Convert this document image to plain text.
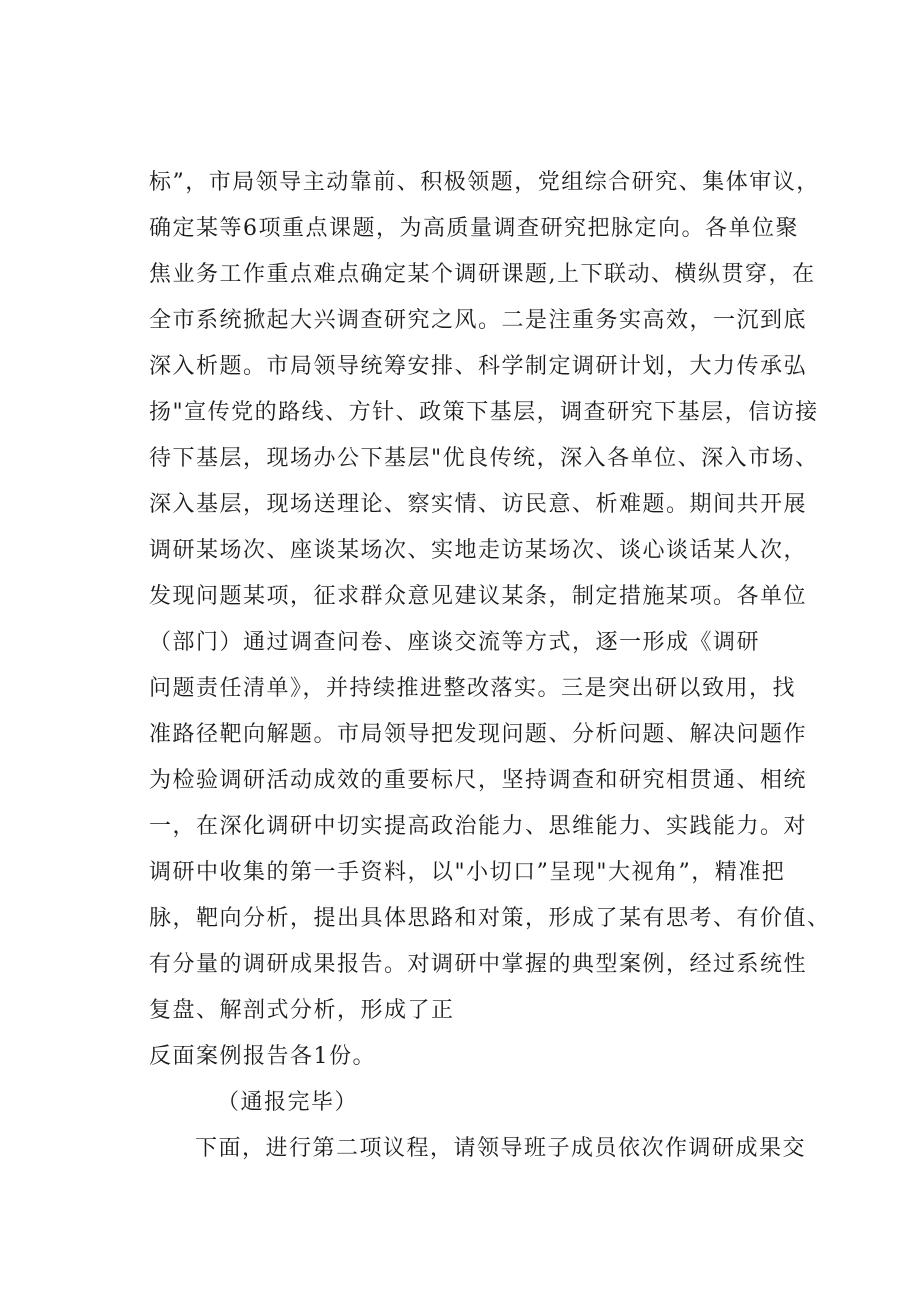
标”，市局领导主动靠前、积极领题，党组综合研究、集体审议，
确定某等6项重点课题，为高质量调查研究把脉定向。各单位聚
焦业务工作重点难点确定某个调研课题,上下联动、横纵贯穿，在
全市系统掀起大兴调查研究之风。二是注重务实高效，一沉到底
深入析题。市局领导统筹安排、科学制定调研计划，大力传承弘
扬"宣传党的路线、方针、政策下基层，调查研究下基层，信访接
待下基层，现场办公下基层"优良传统，深入各单位、深入市场、
深入基层，现场送理论、察实情、访民意、析难题。期间共开展
调研某场次、座谈某场次、实地走访某场次、谈心谈话某人次，
发现问题某项，征求群众意见建议某条，制定措施某项。各单位
（部门）通过调查问卷、座谈交流等方式，逐一形成《调研
问题责任清单》，并持续推进整改落实。三是突出研以致用，找
准路径靶向解题。市局领导把发现问题、分析问题、解决问题作
为检验调研活动成效的重要标尺，坚持调查和研究相贯通、相统
一，在深化调研中切实提高政治能力、思维能力、实践能力。对
调研中收集的第一手资料，以"小切口”呈现"大视角”，精准把
脉，靶向分析，提出具体思路和对策，形成了某有思考、有价值、
有分量的调研成果报告。对调研中掌握的典型案例，经过系统性
复盘、解剖式分析，形成了正
反面案例报告各1份。
（通报完毕）
下面，进行第二项议程，请领导班子成员依次作调研成果交
